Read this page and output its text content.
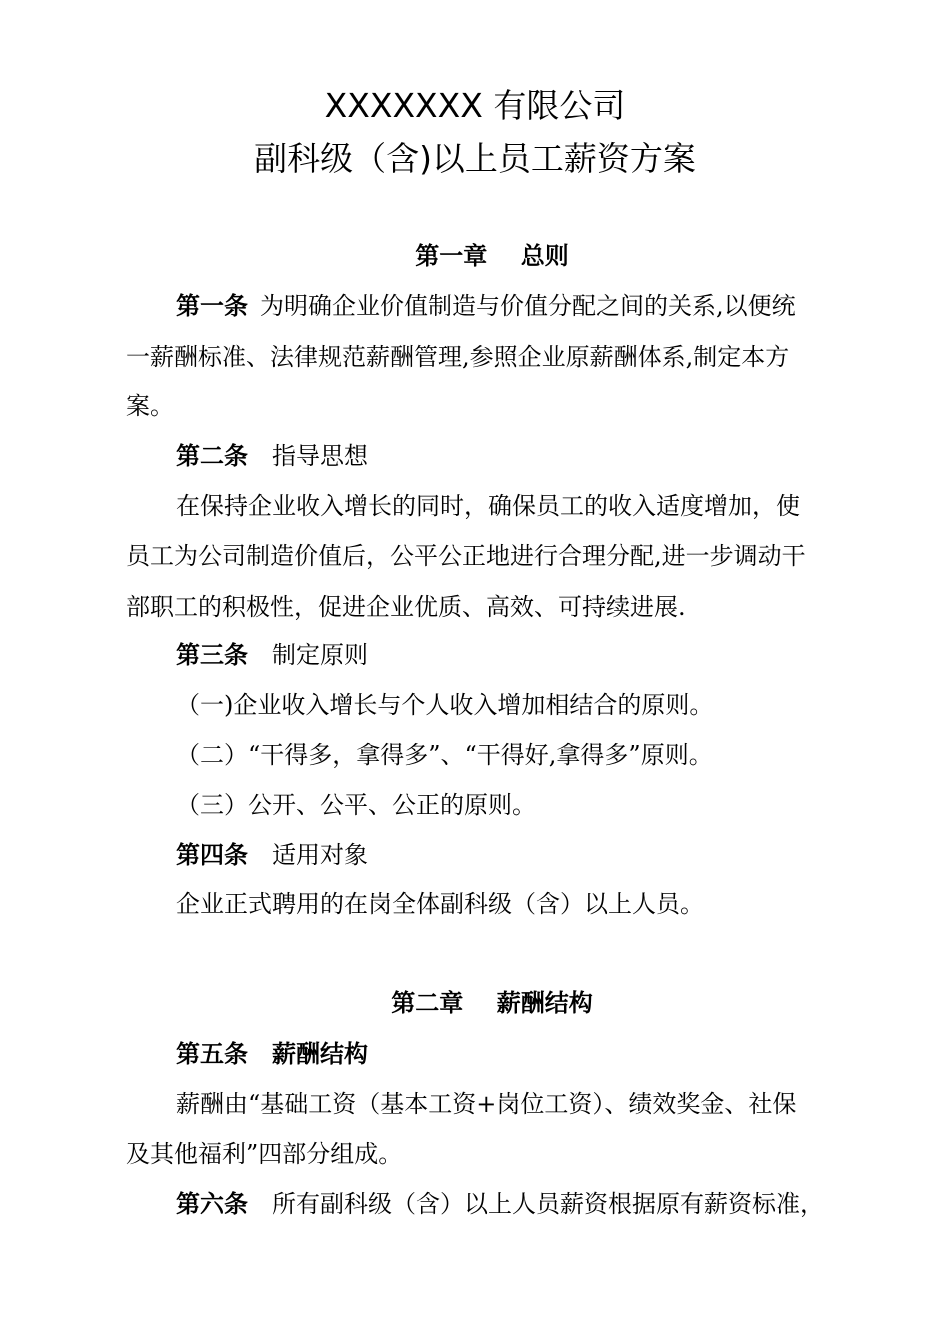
XXXXXXX 有限公司
副科级（含)以上员工薪资方案
第一章    总则
第一条  为明确企业价值制造与价值分配之间的关系,以便统
一薪酬标准、法律规范薪酬管理,参照企业原薪酬体系,制定本方
案。
第二条  指导思想
在保持企业收入增长的同时，确保员工的收入适度增加，使
员工为公司制造价值后，公平公正地进行合理分配,进一步调动干
部职工的积极性，促进企业优质、高效、可持续进展.
第三条  制定原则
（一)企业收入增长与个人收入增加相结合的原则。
（二）“干得多，拿得多”、“干得好,拿得多”原则。
（三）公开、公平、公正的原则。
第四条  适用对象
企业正式聘用的在岗全体副科级（含）以上人员。
第二章    薪酬结构
第五条  薪酬结构
薪酬由“基础工资（基本工资+岗位工资）、绩效奖金、社保
及其他福利”四部分组成。
第六条  所有副科级（含）以上人员薪资根据原有薪资标准，
